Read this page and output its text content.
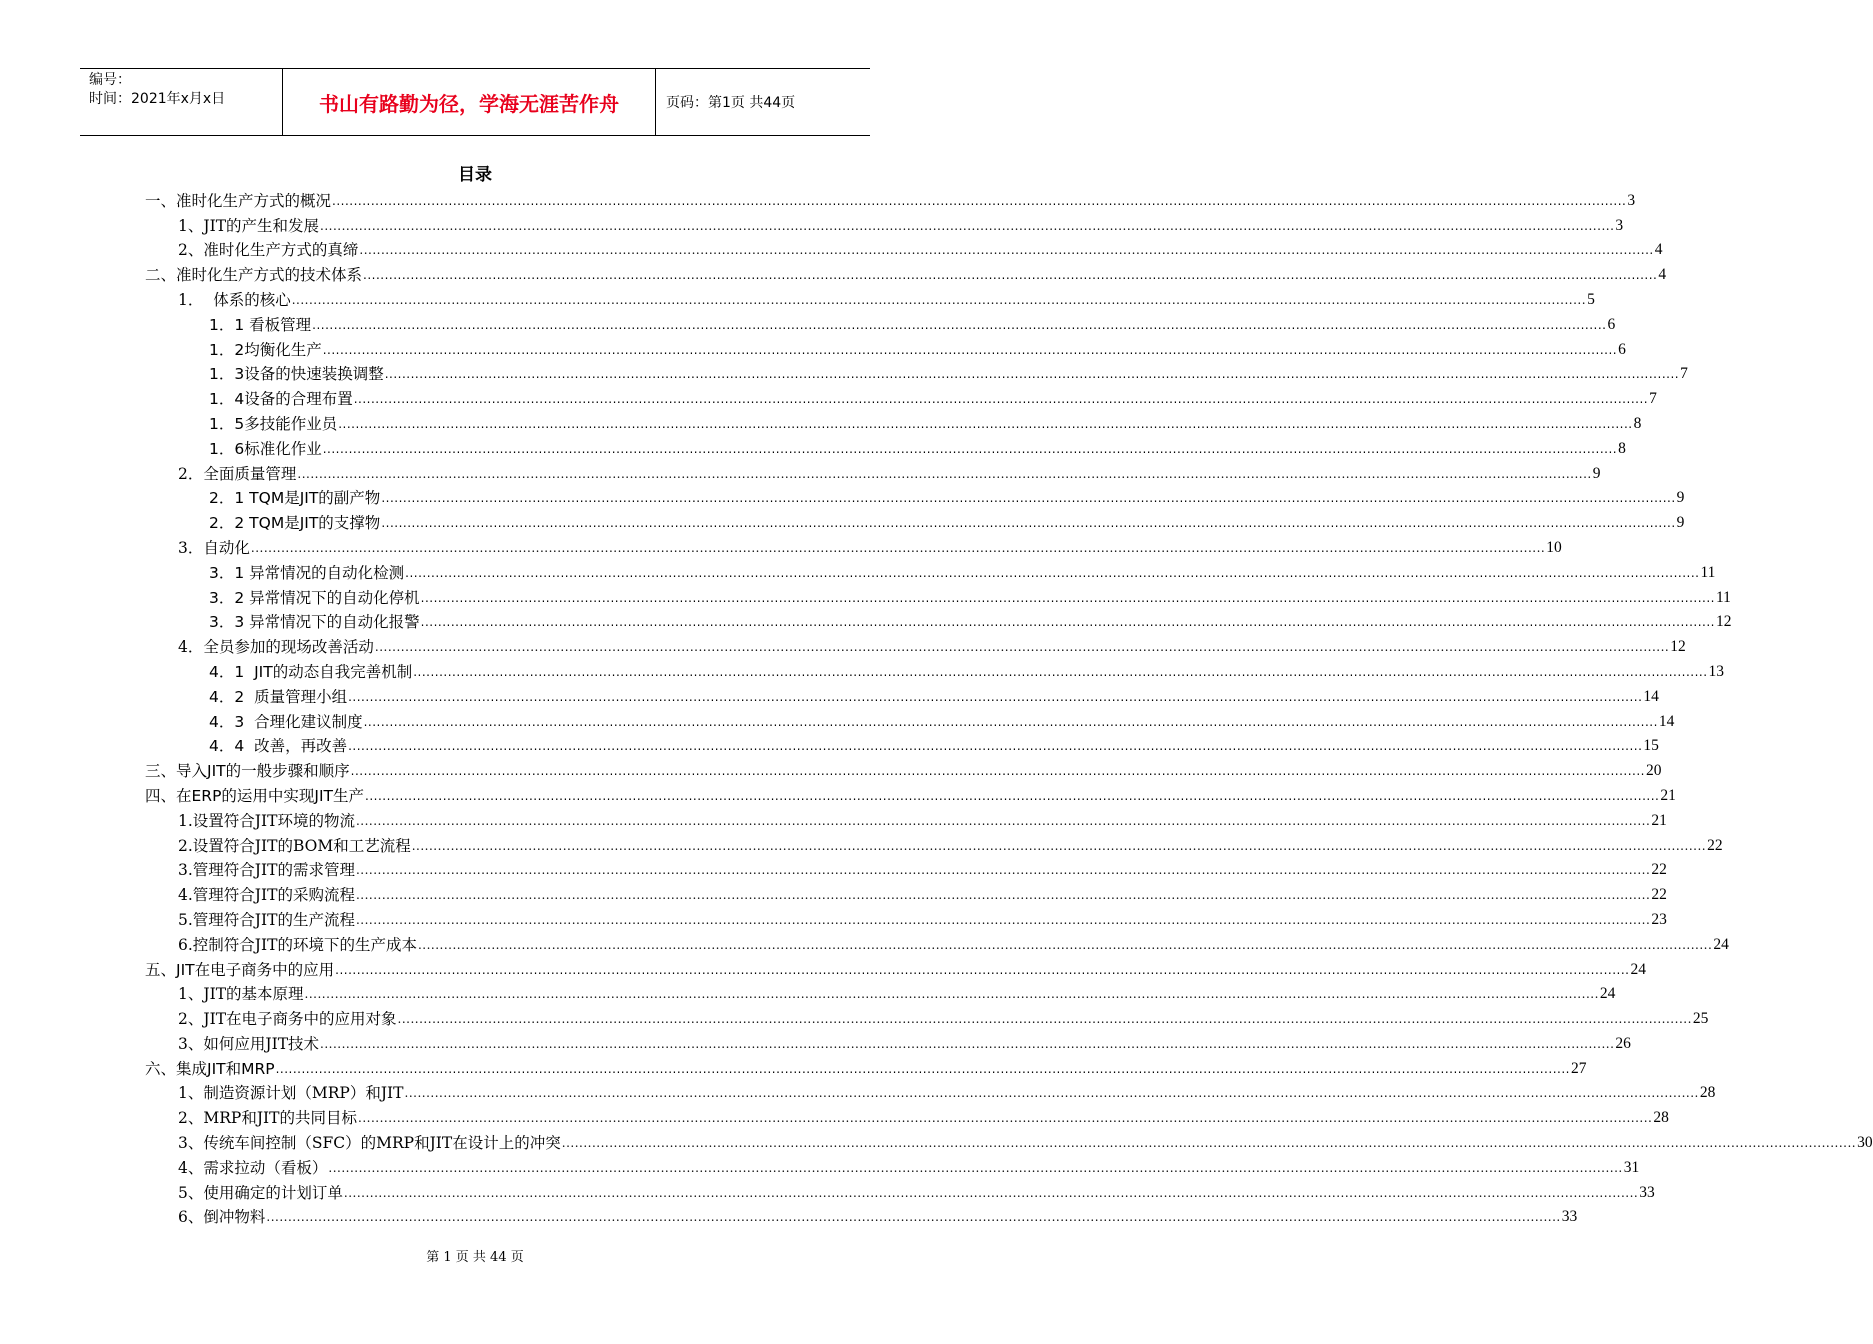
编号：
时间：2021年x月x日	书山有路勤为径，学海无涯苦作舟	页码：第1页 共44页
目录
一、准时化生产方式的概况 ............................................................................................................................................................................................................................................................................................................ 3
1、JIT的产生和发展 ............................................................................................................................................................................................................................................................................................................ 3
2、准时化生产方式的真缔 ............................................................................................................................................................................................................................................................................................................ 4
二、准时化生产方式的技术体系 ............................................................................................................................................................................................................................................................................................................ 4
1．  体系的核心 ............................................................................................................................................................................................................................................................................................................ 5
1．1 看板管理 ............................................................................................................................................................................................................................................................................................................ 6
1．2均衡化生产 ............................................................................................................................................................................................................................................................................................................ 6
1．3设备的快速装换调整 ............................................................................................................................................................................................................................................................................................................ 7
1．4设备的合理布置 ............................................................................................................................................................................................................................................................................................................ 7
1．5多技能作业员 ............................................................................................................................................................................................................................................................................................................ 8
1．6标准化作业 ............................................................................................................................................................................................................................................................................................................ 8
2．全面质量管理 ............................................................................................................................................................................................................................................................................................................ 9
2．1 TQM是JIT的副产物 ............................................................................................................................................................................................................................................................................................................ 9
2．2 TQM是JIT的支撑物 ............................................................................................................................................................................................................................................................................................................ 9
3．自动化 ............................................................................................................................................................................................................................................................................................................ 10
3．1 异常情况的自动化检测 ............................................................................................................................................................................................................................................................................................................ 11
3．2 异常情况下的自动化停机 ............................................................................................................................................................................................................................................................................................................ 11
3．3 异常情况下的自动化报警 ............................................................................................................................................................................................................................................................................................................ 12
4．全员参加的现场改善活动 ............................................................................................................................................................................................................................................................................................................ 12
4．1  JIT的动态自我完善机制 ............................................................................................................................................................................................................................................................................................................ 13
4．2  质量管理小组 ............................................................................................................................................................................................................................................................................................................ 14
4．3  合理化建议制度 ............................................................................................................................................................................................................................................................................................................ 14
4．4  改善，再改善 ............................................................................................................................................................................................................................................................................................................ 15
三、导入JIT的一般步骤和顺序 ............................................................................................................................................................................................................................................................................................................ 20
四、在ERP的运用中实现JIT生产 ............................................................................................................................................................................................................................................................................................................ 21
1.设置符合JIT环境的物流 ............................................................................................................................................................................................................................................................................................................ 21
2.设置符合JIT的BOM和工艺流程 ............................................................................................................................................................................................................................................................................................................ 22
3.管理符合JIT的需求管理 ............................................................................................................................................................................................................................................................................................................ 22
4.管理符合JIT的采购流程 ............................................................................................................................................................................................................................................................................................................ 22
5.管理符合JIT的生产流程 ............................................................................................................................................................................................................................................................................................................ 23
6.控制符合JIT的环境下的生产成本 ............................................................................................................................................................................................................................................................................................................ 24
五、JIT在电子商务中的应用 ............................................................................................................................................................................................................................................................................................................ 24
1、JIT的基本原理 ............................................................................................................................................................................................................................................................................................................ 24
2、JIT在电子商务中的应用对象 ............................................................................................................................................................................................................................................................................................................ 25
3、如何应用JIT技术 ............................................................................................................................................................................................................................................................................................................ 26
六、集成JIT和MRP ............................................................................................................................................................................................................................................................................................................ 27
1、制造资源计划（MRP）和JIT ............................................................................................................................................................................................................................................................................................................ 28
2、MRP和JIT的共同目标 ............................................................................................................................................................................................................................................................................................................ 28
3、传统车间控制（SFC）的MRP和JIT在设计上的冲突 ............................................................................................................................................................................................................................................................................................................ 30
4、需求拉动（看板） ............................................................................................................................................................................................................................................................................................................ 31
5、使用确定的计划订单 ............................................................................................................................................................................................................................................................................................................ 33
6、倒冲物料 ............................................................................................................................................................................................................................................................................................................ 33
第 1 页 共 44 页
